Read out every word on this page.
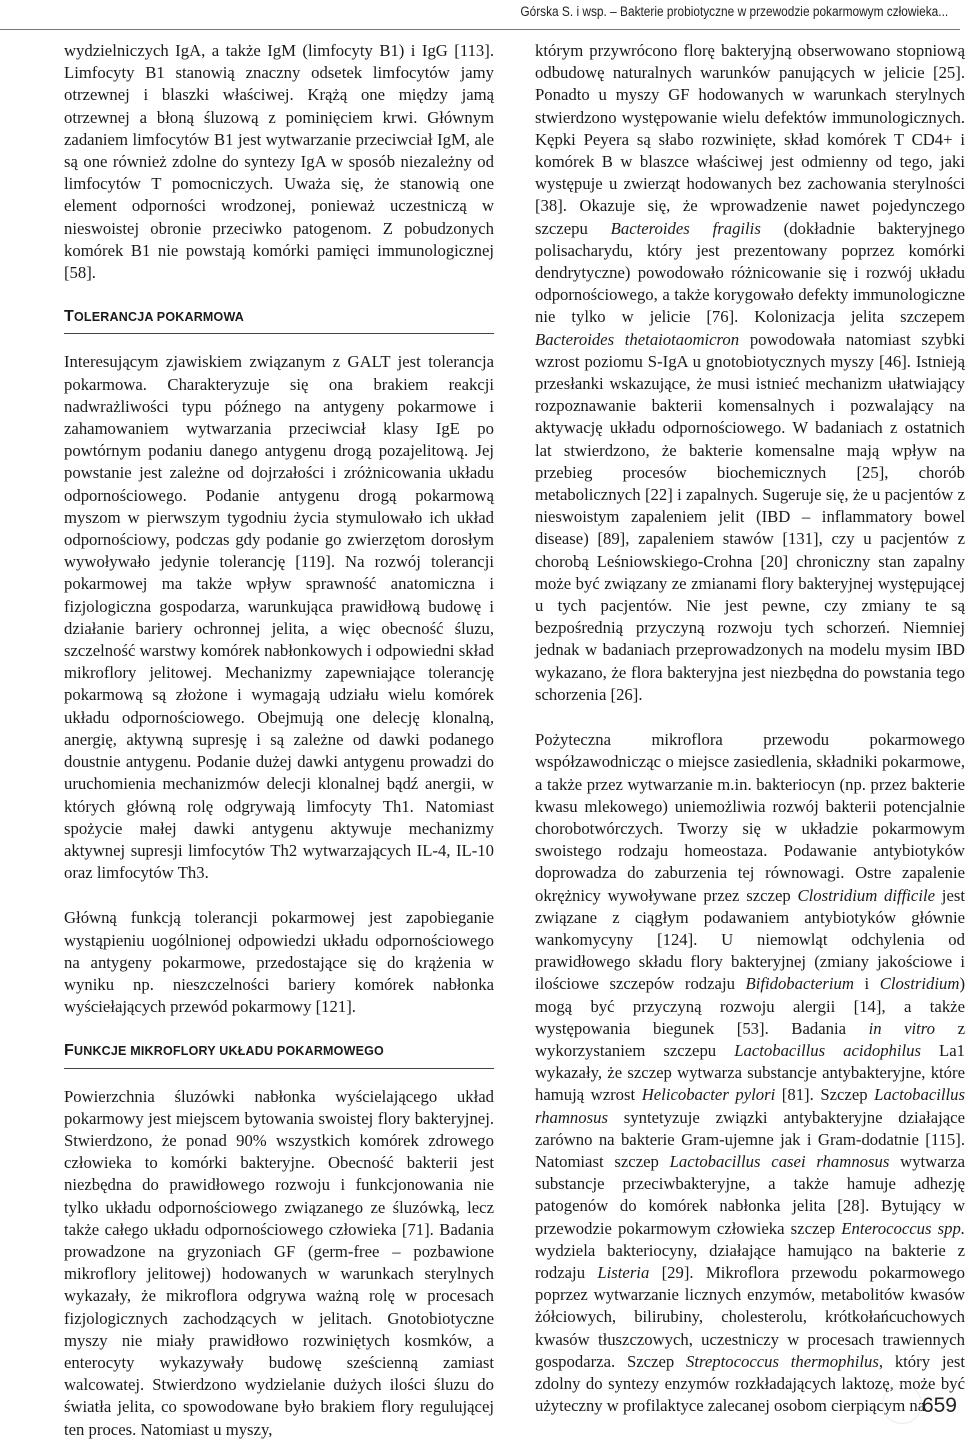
Górska S. i wsp. – Bakterie probiotyczne w przewodzie pokarmowym człowieka...

wydzielniczych IgA, a także IgM (limfocyty B1) i IgG [113]. Limfocyty B1 stanowią znaczny odsetek limfocytów jamy otrzewnej i blaszki właściwej. Krążą one między jamą otrzewnej a błoną śluzową z pominięciem krwi. Głównym zadaniem limfocytów B1 jest wytwarzanie przeciwciał IgM, ale są one również zdolne do syntezy IgA w sposób niezależny od limfocytów T pomocniczych. Uważa się, że stanowią one element odporności wrodzonej, ponieważ uczestniczą w nieswoistej obronie przeciwko patogenom. Z pobudzonych komórek B1 nie powstają komórki pamięci immunologicznej [58].

TOLERANCJA POKARMOWA

Interesującym zjawiskiem związanym z GALT jest tolerancja pokarmowa. Charakteryzuje się ona brakiem reakcji nadwrażliwości typu późnego na antygeny pokarmowe i zahamowaniem wytwarzania przeciwciał klasy IgE po powtórnym podaniu danego antygenu drogą pozajelitową. Jej powstanie jest zależne od dojrzałości i zróżnicowania układu odpornościowego. Podanie antygenu drogą pokarmową myszom w pierwszym tygodniu życia stymulowało ich układ odpornościowy, podczas gdy podanie go zwierzętom dorosłym wywoływało jedynie tolerancję [119]. Na rozwój tolerancji pokarmowej ma także wpływ sprawność anatomiczna i fizjologiczna gospodarza, warunkująca prawidłową budowę i działanie bariery ochronnej jelita, a więc obecność śluzu, szczelność warstwy komórek nabłonkowych i odpowiedni skład mikroflory jelitowej. Mechanizmy zapewniające tolerancję pokarmową są złożone i wymagają udziału wielu komórek układu odpornościowego. Obejmują one delecję klonalną, anergię, aktywną supresję i są zależne od dawki podanego doustnie antygenu. Podanie dużej dawki antygenu prowadzi do uruchomienia mechanizmów delecji klonalnej bądź anergii, w których główną rolę odgrywają limfocyty Th1. Natomiast spożycie małej dawki antygenu aktywuje mechanizmy aktywnej supresji limfocytów Th2 wytwarzających IL-4, IL-10 oraz limfocytów Th3.

Główną funkcją tolerancji pokarmowej jest zapobieganie wystąpieniu uogólnionej odpowiedzi układu odpornościowego na antygeny pokarmowe, przedostające się do krążenia w wyniku np. nieszczelności bariery komórek nabłonka wyściełających przewód pokarmowy [121].

FUNKCJE MIKROFLORY UKŁADU POKARMOWEGO

Powierzchnia śluzówki nabłonka wyścielającego układ pokarmowy jest miejscem bytowania swoistej flory bakteryjnej. Stwierdzono, że ponad 90% wszystkich komórek zdrowego człowieka to komórki bakteryjne. Obecność bakterii jest niezbędna do prawidłowego rozwoju i funkcjonowania nie tylko układu odpornościowego związanego ze śluzówką, lecz także całego układu odpornościowego człowieka [71]. Badania prowadzone na gryzoniach GF (germ-free – pozbawione mikroflory jelitowej) hodowanych w warunkach sterylnych wykazały, że mikroflora odgrywa ważną rolę w procesach fizjologicznych zachodzących w jelitach. Gnotobiotyczne myszy nie miały prawidłowo rozwiniętych kosmków, a enterocyty wykazywały budowę sześcienną zamiast walcowatej. Stwierdzono wydzielanie dużych ilości śluzu do światła jelita, co spowodowane było brakiem flory regulującej ten proces. Natomiast u myszy,

którym przywrócono florę bakteryjną obserwowano stopniową odbudowę naturalnych warunków panujących w jelicie [25]. Ponadto u myszy GF hodowanych w warunkach sterylnych stwierdzono występowanie wielu defektów immunologicznych. Kępki Peyera są słabo rozwinięte, skład komórek T CD4+ i komórek B w blaszce właściwej jest odmienny od tego, jaki występuje u zwierząt hodowanych bez zachowania sterylności [38]. Okazuje się, że wprowadzenie nawet pojedynczego szczepu Bacteroides fragilis (dokładnie bakteryjnego polisacharydu, który jest prezentowany poprzez komórki dendrytyczne) powodowało różnicowanie się i rozwój układu odpornościowego, a także korygowało defekty immunologiczne nie tylko w jelicie [76]. Kolonizacja jelita szczepem Bacteroides thetaiotaomicron powodowała natomiast szybki wzrost poziomu S-IgA u gnotobiotycznych myszy [46]. Istnieją przesłanki wskazujące, że musi istnieć mechanizm ułatwiający rozpoznawanie bakterii komensalnych i pozwalający na aktywację układu odpornościowego. W badaniach z ostatnich lat stwierdzono, że bakterie komensalne mają wpływ na przebieg procesów biochemicznych [25], chorób metabolicznych [22] i zapalnych. Sugeruje się, że u pacjentów z nieswoistym zapaleniem jelit (IBD – inflammatory bowel disease) [89], zapaleniem stawów [131], czy u pacjentów z chorobą Leśniowskiego-Crohna [20] chroniczny stan zapalny może być związany ze zmianami flory bakteryjnej występującej u tych pacjentów. Nie jest pewne, czy zmiany te są bezpośrednią przyczyną rozwoju tych schorzeń. Niemniej jednak w badaniach przeprowadzonych na modelu mysim IBD wykazano, że flora bakteryjna jest niezbędna do powstania tego schorzenia [26].

Pożyteczna mikroflora przewodu pokarmowego współzawodnicząc o miejsce zasiedlenia, składniki pokarmowe, a także przez wytwarzanie m.in. bakteriocyn (np. przez bakterie kwasu mlekowego) uniemożliwia rozwój bakterii potencjalnie chorobotwórczych. Tworzy się w układzie pokarmowym swoistego rodzaju homeostaza. Podawanie antybiotyków doprowadza do zaburzenia tej równowagi. Ostre zapalenie okrężnicy wywoływane przez szczep Clostridium difficile jest związane z ciągłym podawaniem antybiotyków głównie wankomycyny [124]. U niemowląt odchylenia od prawidłowego składu flory bakteryjnej (zmiany jakościowe i ilościowe szczepów rodzaju Bifidobacterium i Clostridium) mogą być przyczyną rozwoju alergii [14], a także występowania biegunek [53]. Badania in vitro z wykorzystaniem szczepu Lactobacillus acidophilus La1 wykazały, że szczep wytwarza substancje antybakteryjne, które hamują wzrost Helicobacter pylori [81]. Szczep Lactobacillus rhamnosus syntetyzuje związki antybakteryjne działające zarówno na bakterie Gram-ujemne jak i Gram-dodatnie [115]. Natomiast szczep Lactobacillus casei rhamnosus wytwarza substancje przeciwbakteryjne, a także hamuje adhezję patogenów do komórek nabłonka jelita [28]. Bytujący w przewodzie pokarmowym człowieka szczep Enterococcus spp. wydziela bakteriocyny, działające hamująco na bakterie z rodzaju Listeria [29]. Mikroflora przewodu pokarmowego poprzez wytwarzanie licznych enzymów, metabolitów kwasów żółciowych, bilirubiny, cholesterolu, krótkołańcuchowych kwasów tłuszczowych, uczestniczy w procesach trawiennych gospodarza. Szczep Streptococcus thermophilus, który jest zdolny do syntezy enzymów rozkładających laktozę, może być użyteczny w profilaktyce zalecanej osobom cierpiącym na

659
